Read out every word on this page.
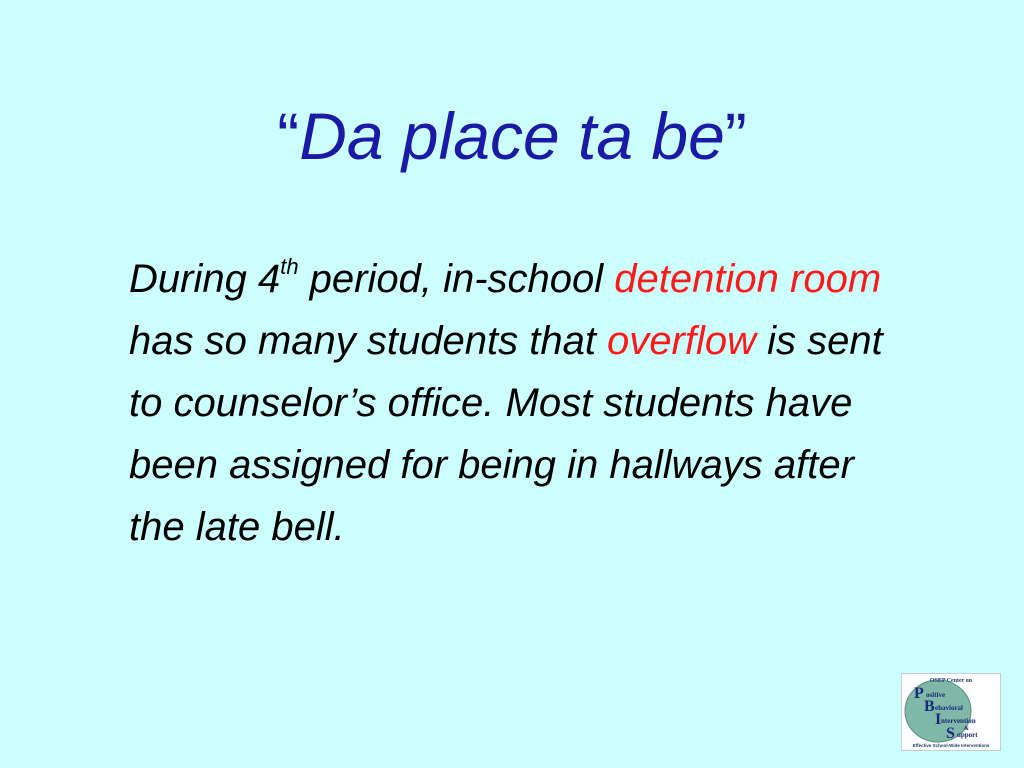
“Da place ta be”
During 4th period, in-school detention room has so many students that overflow is sent to counselor’s office. Most students have been assigned for being in hallways after the late bell.
OSEP Center on
P ositive
B ehavioral
I ntervention
&
S upport
Effective School-Wide Interventions
